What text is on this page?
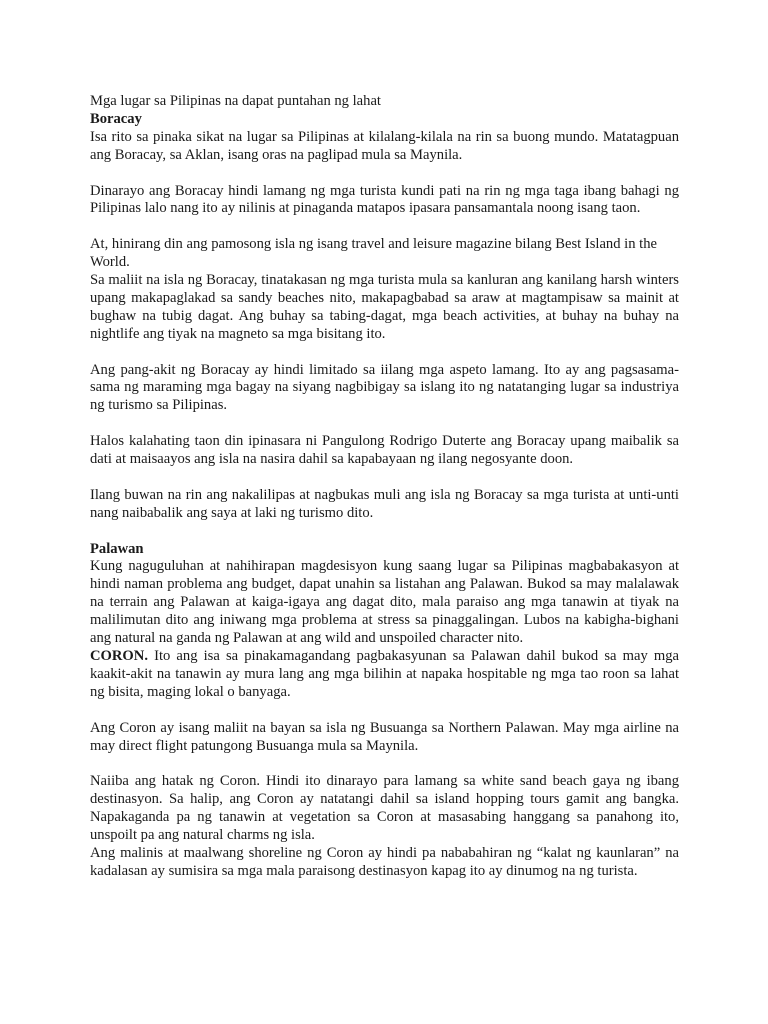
Mga lugar sa Pilipinas na dapat puntahan ng lahat

Boracay

Isa rito sa pinaka sikat na lugar sa Pilipinas at kilalang-kilala na rin sa buong mundo. Matatagpuan ang Boracay, sa Aklan, isang oras na paglipad mula sa Maynila.

Dinarayo ang Boracay hindi lamang ng mga turista kundi pati na rin ng mga taga ibang bahagi ng Pilipinas lalo nang ito ay nilinis at pinaganda matapos ipasara pansamantala noong isang taon.

At, hinirang din ang pamosong isla ng isang travel and leisure magazine bilang Best Island in the World.

Sa maliit na isla ng Boracay, tinatakasan ng mga turista mula sa kanluran ang kanilang harsh winters upang makapaglakad sa sandy beaches nito, makapagbabad sa araw at magtampisaw sa mainit at bughaw na tubig dagat. Ang buhay sa tabing-dagat, mga beach activities, at buhay na buhay na nightlife ang tiyak na magneto sa mga bisitang ito.

Ang pang-akit ng Boracay ay hindi limitado sa iilang mga aspeto lamang. Ito ay ang pagsasama-sama ng maraming mga bagay na siyang nagbibigay sa islang ito ng natatanging lugar sa industriya ng turismo sa Pilipinas.

Halos kalahating taon din ipinasara ni Pangulong Rodrigo Duterte ang Boracay upang maibalik sa dati at maisaayos ang isla na nasira dahil sa kapabayaan ng ilang negosyante doon.

Ilang buwan na rin ang nakalilipas at nagbukas muli ang isla ng Boracay sa mga turista at unti-unti nang naibabalik ang saya at laki ng turismo dito.

Palawan

Kung naguguluhan at nahihirapan magdesisyon kung saang lugar sa Pilipinas magbabakasyon at hindi naman problema ang budget, dapat unahin sa listahan ang Palawan. Bukod sa may malalawak na terrain ang Palawan at kaiga-igaya ang dagat dito, mala paraiso ang mga tanawin at tiyak na malilimutan dito ang iniwang mga problema at stress sa pinaggalingan. Lubos na kabigha-bighani ang natural na ganda ng Palawan at ang wild and unspoiled character nito.

CORON. Ito ang isa sa pinakamagandang pagbakasyunan sa Palawan dahil bukod sa may mga kaakit-akit na tanawin ay mura lang ang mga bilihin at napaka hospitable ng mga tao roon sa lahat ng bisita, maging lokal o banyaga.

Ang Coron ay isang maliit na bayan sa isla ng Busuanga sa Northern Palawan. May mga airline na may direct flight patungong Busuanga mula sa Maynila.

Naiiba ang hatak ng Coron. Hindi ito dinarayo para lamang sa white sand beach gaya ng ibang destinasyon. Sa halip, ang Coron ay natatangi dahil sa island hopping tours gamit ang bangka. Napakaganda pa ng tanawin at vegetation sa Coron at masasabing hanggang sa panahong ito, unspoilt pa ang natural charms ng isla.

Ang malinis at maalwang shoreline ng Coron ay hindi pa nababahiran ng “kalat ng kaunlaran” na kadalasan ay sumisira sa mga mala paraisong destinasyon kapag ito ay dinumog na ng turista.
